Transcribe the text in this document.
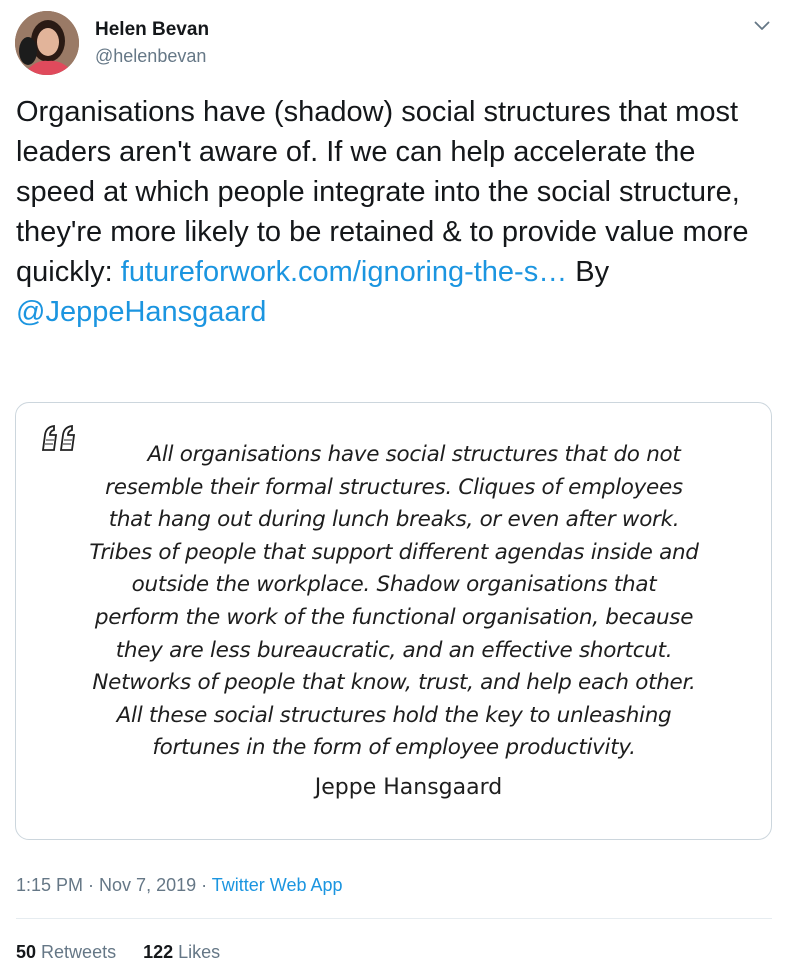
Helen Bevan
@helenbevan
Organisations have (shadow) social structures that most leaders aren't aware of. If we can help accelerate the speed at which people integrate into the social structure, they're more likely to be retained & to provide value more quickly: futureforwork.com/ignoring-the-s… By @JeppeHansgaard
All organisations have social structures that do not
resemble their formal structures. Cliques of employees
that hang out during lunch breaks, or even after work.
Tribes of people that support different agendas inside and
outside the workplace. Shadow organisations that
perform the work of the functional organisation, because
they are less bureaucratic, and an effective shortcut.
Networks of people that know, trust, and help each other.
All these social structures hold the key to unleashing
fortunes in the form of employee productivity.
Jeppe Hansgaard
1:15 PM · Nov 7, 2019 · Twitter Web App
50 Retweets 122 Likes
